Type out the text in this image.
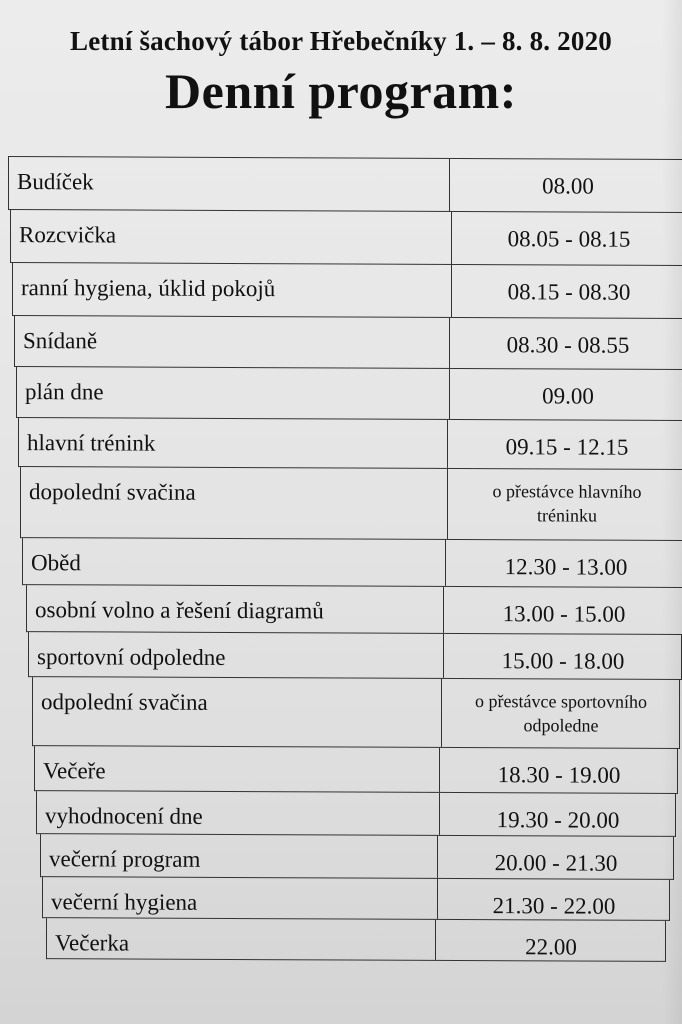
Letní šachový tábor Hřebečníky 1. – 8. 8. 2020
Denní program:
Budíček	08.00
Rozcvička	08.05 - 08.15
ranní hygiena, úklid pokojů	08.15 - 08.30
Snídaně	08.30 - 08.55
plán dne	09.00
hlavní trénink	09.15 - 12.15
dopolední svačina	o přestávce hlavního tréninku
Oběd	12.30 - 13.00
osobní volno a řešení diagramů	13.00 - 15.00
sportovní odpoledne	15.00 - 18.00
odpolední svačina	o přestávce sportovního odpoledne
Večeře	18.30 - 19.00
vyhodnocení dne	19.30 - 20.00
večerní program	20.00 - 21.30
večerní hygiena	21.30 - 22.00
Večerka	22.00
